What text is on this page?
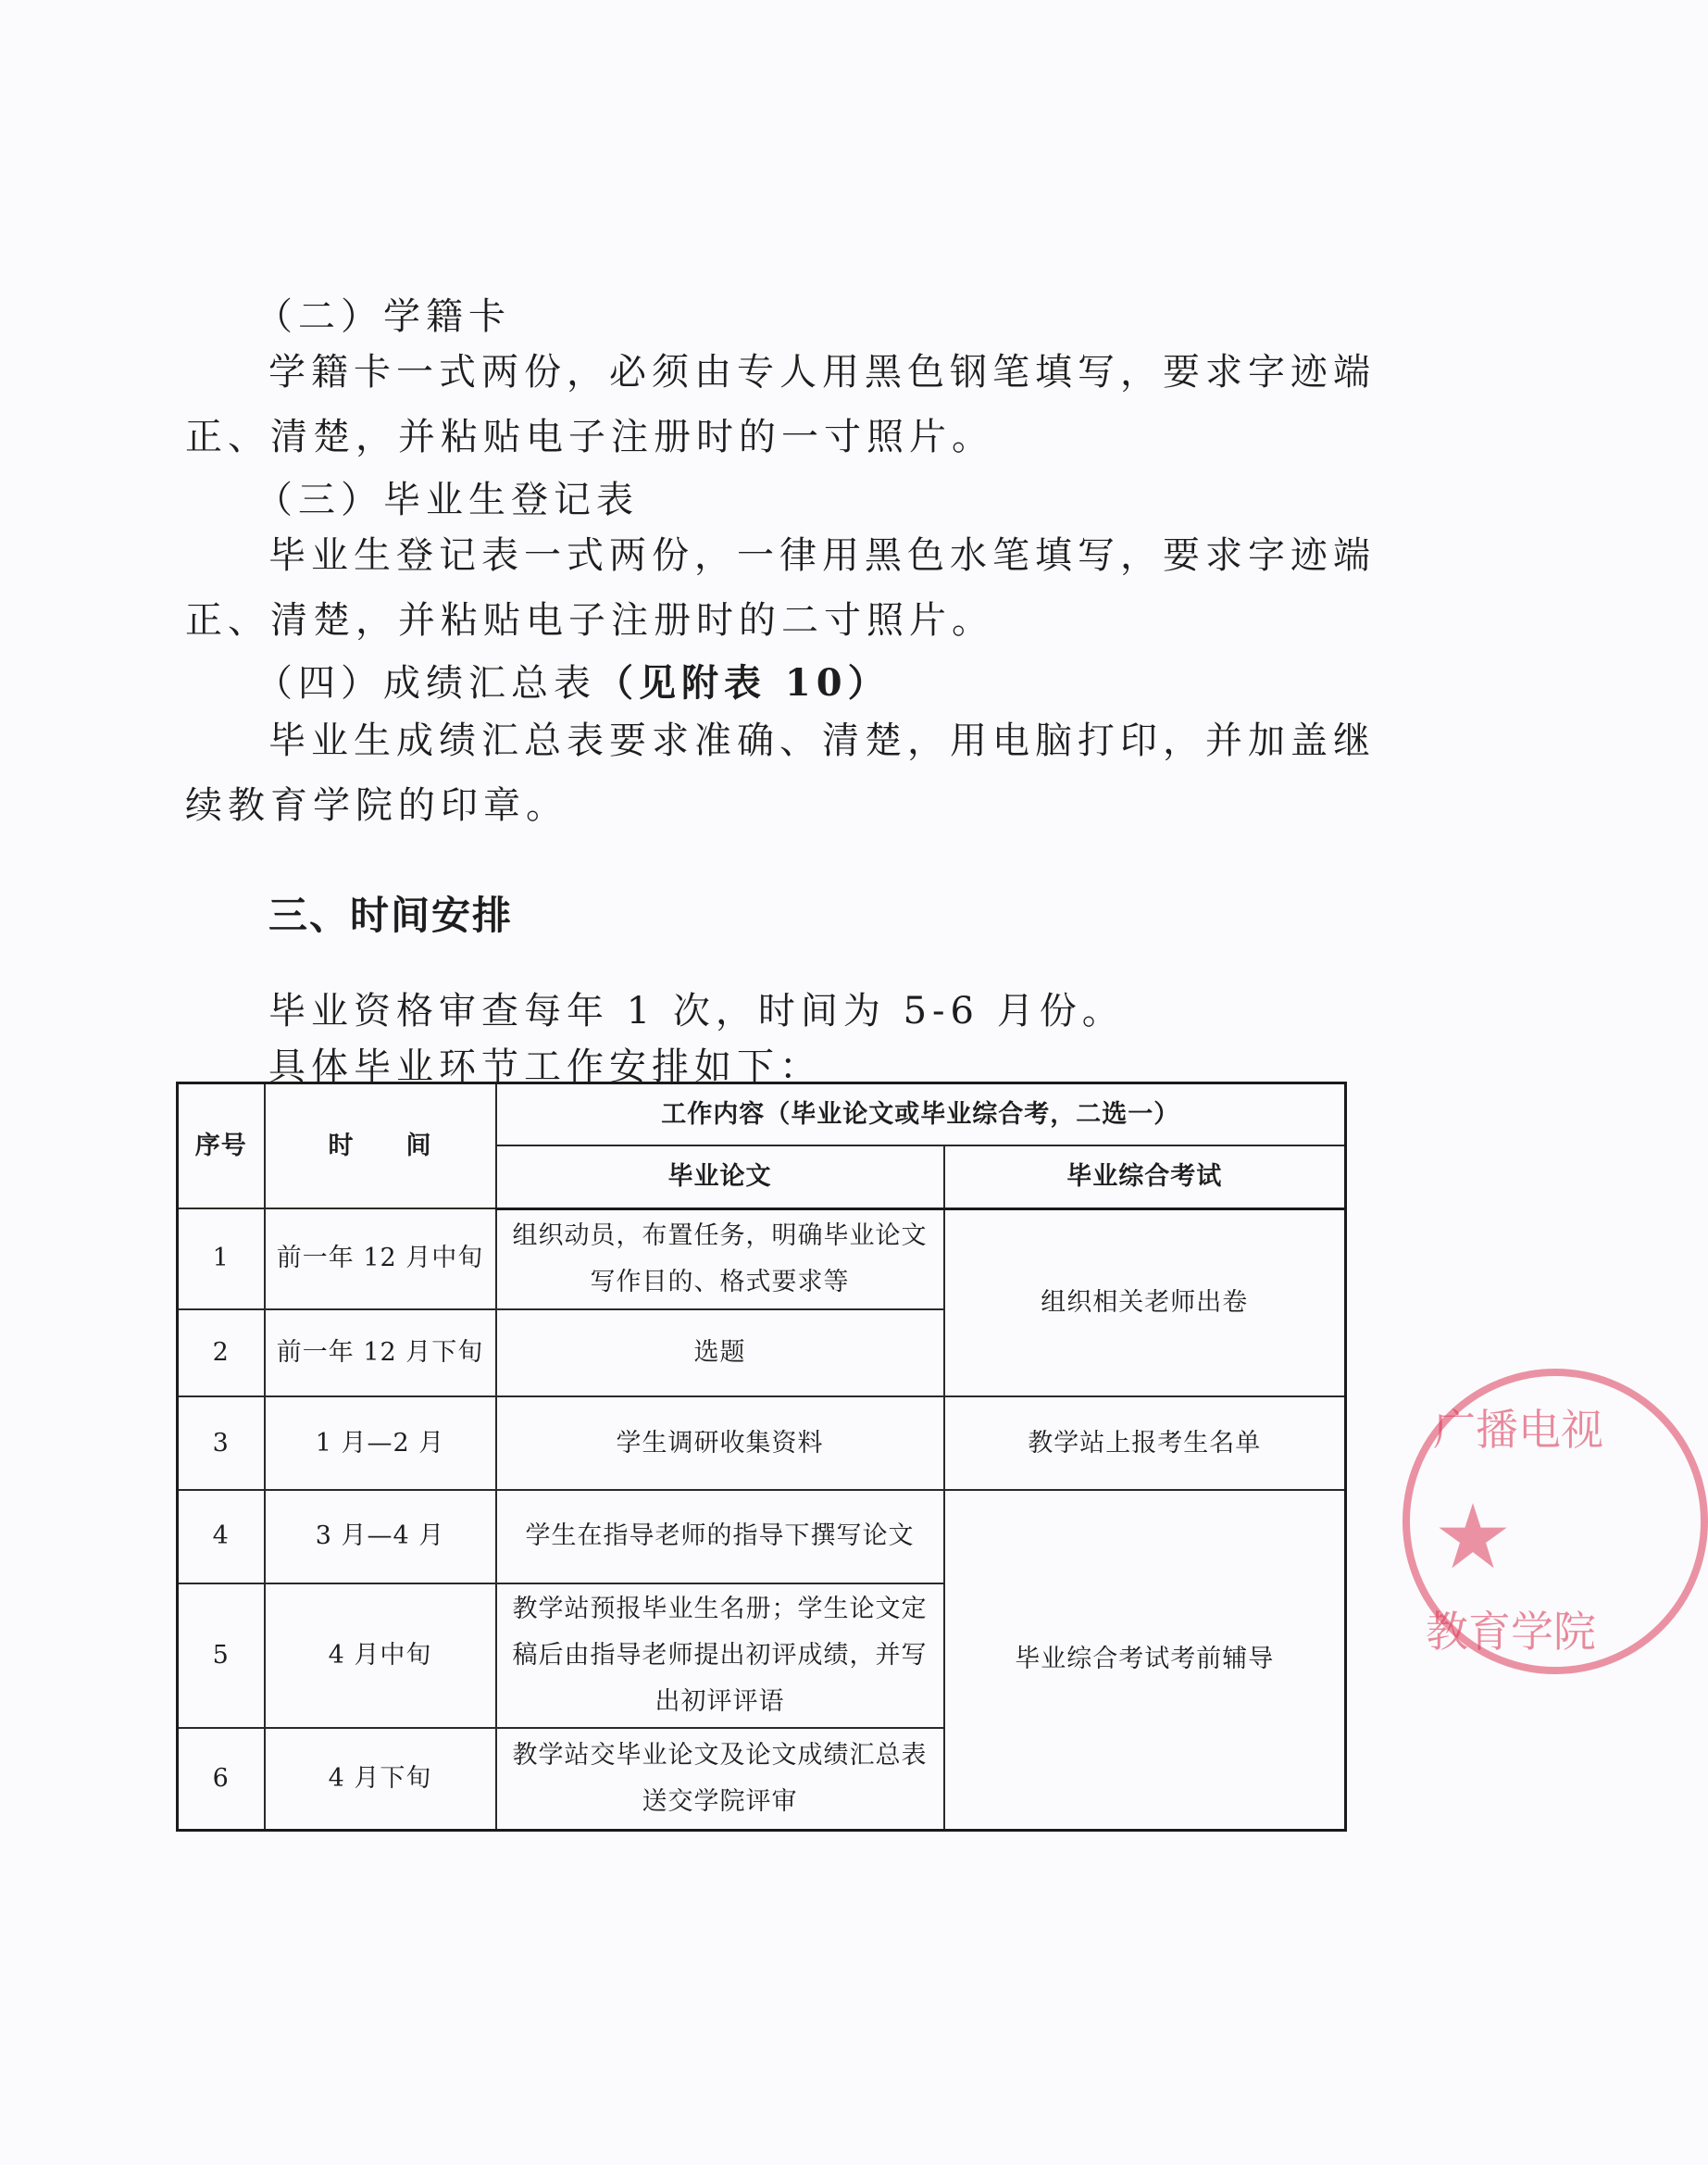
（二）学籍卡
学籍卡一式两份，必须由专人用黑色钢笔填写，要求字迹端
正、清楚，并粘贴电子注册时的一寸照片。
（三）毕业生登记表
毕业生登记表一式两份，一律用黑色水笔填写，要求字迹端
正、清楚，并粘贴电子注册时的二寸照片。
（四）成绩汇总表（见附表 10）
毕业生成绩汇总表要求准确、清楚，用电脑打印，并加盖继
续教育学院的印章。
三、时间安排
毕业资格审查每年 1 次，时间为 5-6 月份。
具体毕业环节工作安排如下：
序号	时　　间	工作内容（毕业论文或毕业综合考，二选一）	
		毕业论文	毕业综合考试
1	前一年 12 月中旬	组织动员，布置任务，明确毕业论文写作目的、格式要求等	组织相关老师出卷
2	前一年 12 月下旬	选题	
3	1 月—2 月	学生调研收集资料	教学站上报考生名单
4	3 月—4 月	学生在指导老师的指导下撰写论文	毕业综合考试考前辅导
5	4 月中旬	教学站预报毕业生名册；学生论文定稿后由指导老师提出初评成绩，并写出初评评语	
6	4 月下旬	教学站交毕业论文及论文成绩汇总表送交学院评审	
广播电视
教育学院
